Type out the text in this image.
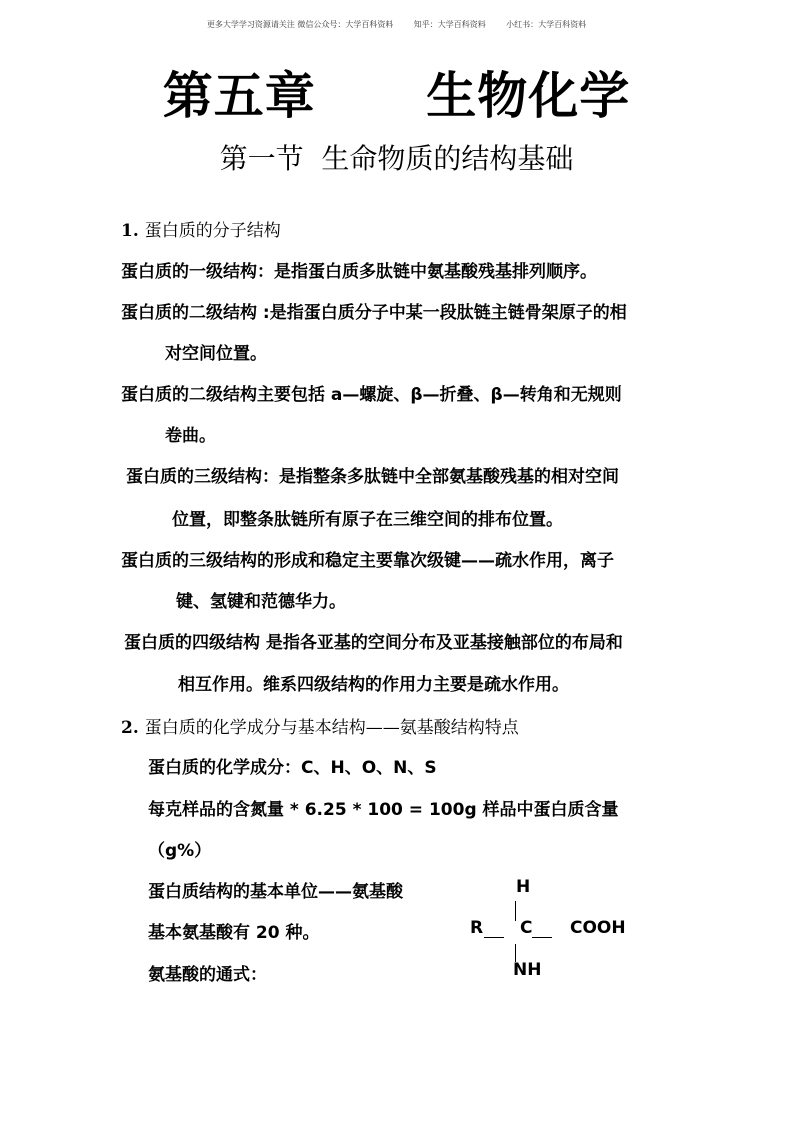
更多大学学习资源请关注 微信公众号：大学百科资料        知乎：大学百科资料        小红书：大学百科资料
第五章      生物化学
第一节  生命物质的结构基础
1. 蛋白质的分子结构
蛋白质的一级结构：是指蛋白质多肽链中氨基酸残基排列顺序。
蛋白质的二级结构 :是指蛋白质分子中某一段肽链主链骨架原子的相
对空间位置。
蛋白质的二级结构主要包括 a—螺旋、β—折叠、β—转角和无规则
卷曲。
蛋白质的三级结构：是指整条多肽链中全部氨基酸残基的相对空间
位置，即整条肽链所有原子在三维空间的排布位置。
蛋白质的三级结构的形成和稳定主要靠次级键——疏水作用，离子
键、氢键和范德华力。
蛋白质的四级结构 是指各亚基的空间分布及亚基接触部位的布局和
相互作用。维系四级结构的作用力主要是疏水作用。
2. 蛋白质的化学成分与基本结构——氨基酸结构特点
蛋白质的化学成分：C、H、O、N、S
每克样品的含氮量 * 6.25 * 100 = 100g 样品中蛋白质含量
（g%）
蛋白质结构的基本单位——氨基酸
基本氨基酸有 20 种。
氨基酸的通式：
H
R C COOH
NH
